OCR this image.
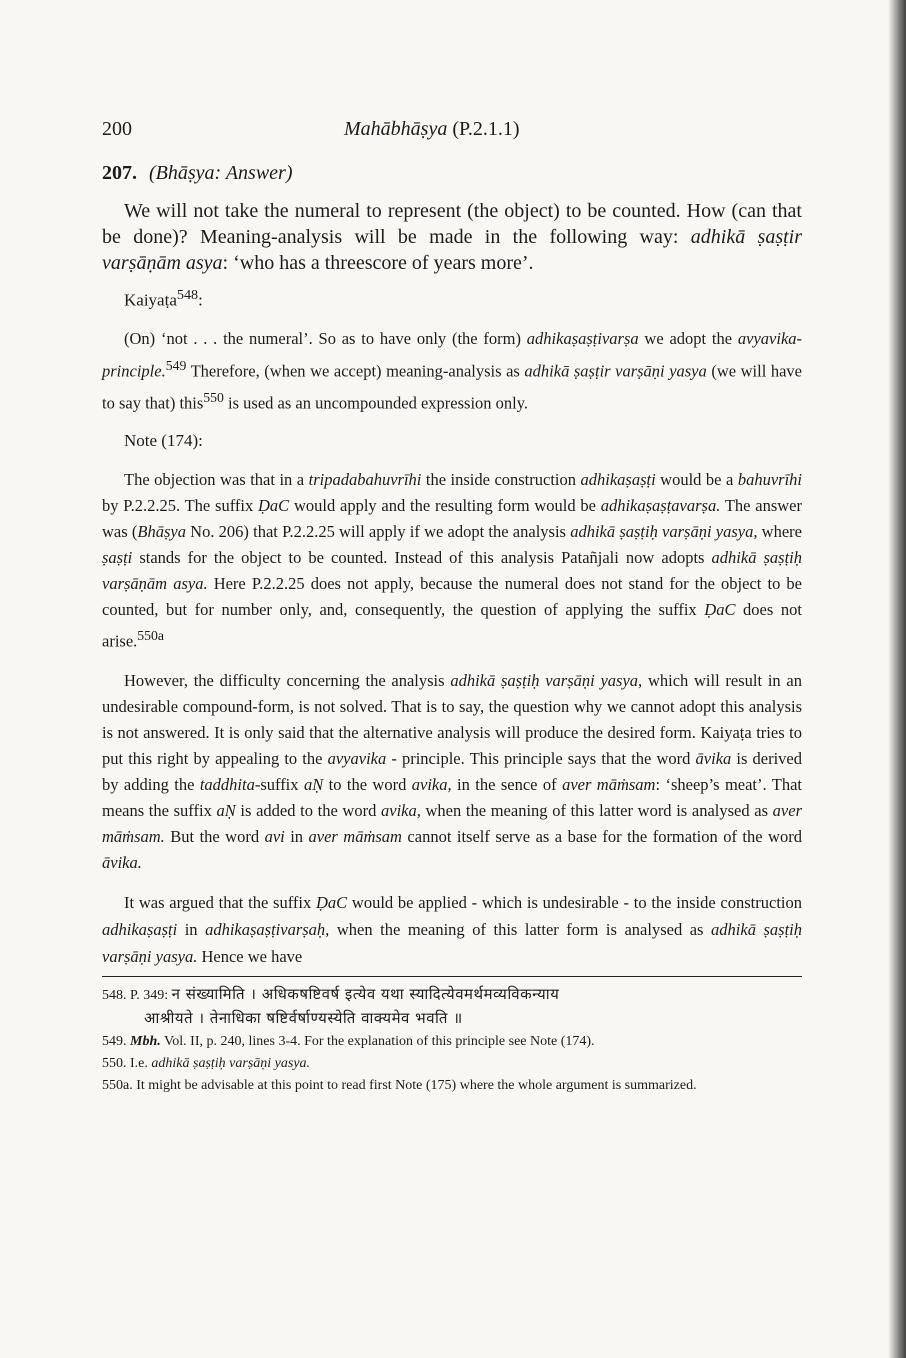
200	Mahābhāṣya (P.2.1.1)
207. (Bhāṣya: Answer)

We will not take the numeral to represent (the object) to be counted. How (can that be done)? Meaning-analysis will be made in the following way: adhikā ṣaṣṭir varṣāṇām asya: ‘who has a threescore of years more’.

Kaiyaṭa$^{548}$:

(On) ‘not . . . the numeral’. So as to have only (the form) adhikaṣaṣṭivarṣa we adopt the avyavika-principle.$^{549}$ Therefore, (when we accept) meaning-analysis as adhikā ṣaṣṭir varṣāṇi yasya (we will have to say that) this$^{550}$ is used as an uncompounded expression only.

Note (174):

The objection was that in a tripadabahuvrīhi the inside construction adhikaṣaṣṭi would be a bahuvrīhi by P.2.2.25. The suffix ḌaC would apply and the resulting form would be adhikaṣaṣṭavarṣa. The answer was (Bhāṣya No. 206) that P.2.2.25 will apply if we adopt the analysis adhikā ṣaṣṭiḥ varṣāṇi yasya, where ṣaṣṭi stands for the object to be counted. Instead of this analysis Patañjali now adopts adhikā ṣaṣṭiḥ varṣāṇām asya. Here P.2.2.25 does not apply, because the numeral does not stand for the object to be counted, but for number only, and, consequently, the question of applying the suffix ḌaC does not arise.$^{550a}$

However, the difficulty concerning the analysis adhikā ṣaṣṭiḥ varṣāṇi yasya, which will result in an undesirable compound-form, is not solved. That is to say, the question why we cannot adopt this analysis is not answered. It is only said that the alternative analysis will produce the desired form. Kaiyaṭa tries to put this right by appealing to the avyavika - principle. This principle says that the word āvika is derived by adding the taddhita-suffix aṆ to the word avika, in the sence of aver māṁsam: ‘sheep’s meat’. That means the suffix aṆ is added to the word avika, when the meaning of this latter word is analysed as aver māṁsam. But the word avi in aver māṁsam cannot itself serve as a base for the formation of the word āvika.

It was argued that the suffix ḌaC would be applied - which is undesirable - to the inside construction adhikaṣaṣṭi in adhikaṣaṣṭivarṣaḥ, when the meaning of this latter form is analysed as adhikā ṣaṣṭiḥ varṣāṇi yasya. Hence we have

548. P. 349: न संख्यामिति । अधिकषष्टिवर्ष इत्येव यथा स्यादित्येवमर्थमव्यविकन्याय
आश्रीयते । तेनाधिका षष्टिर्वर्षाण्यस्येति वाक्यमेव भवति ॥
549. Mbh. Vol. II, p. 240, lines 3-4. For the explanation of this principle see Note (174).
550. I.e. adhikā ṣaṣṭiḥ varṣāṇi yasya.
550a. It might be advisable at this point to read first Note (175) where the whole argument is summarized.
